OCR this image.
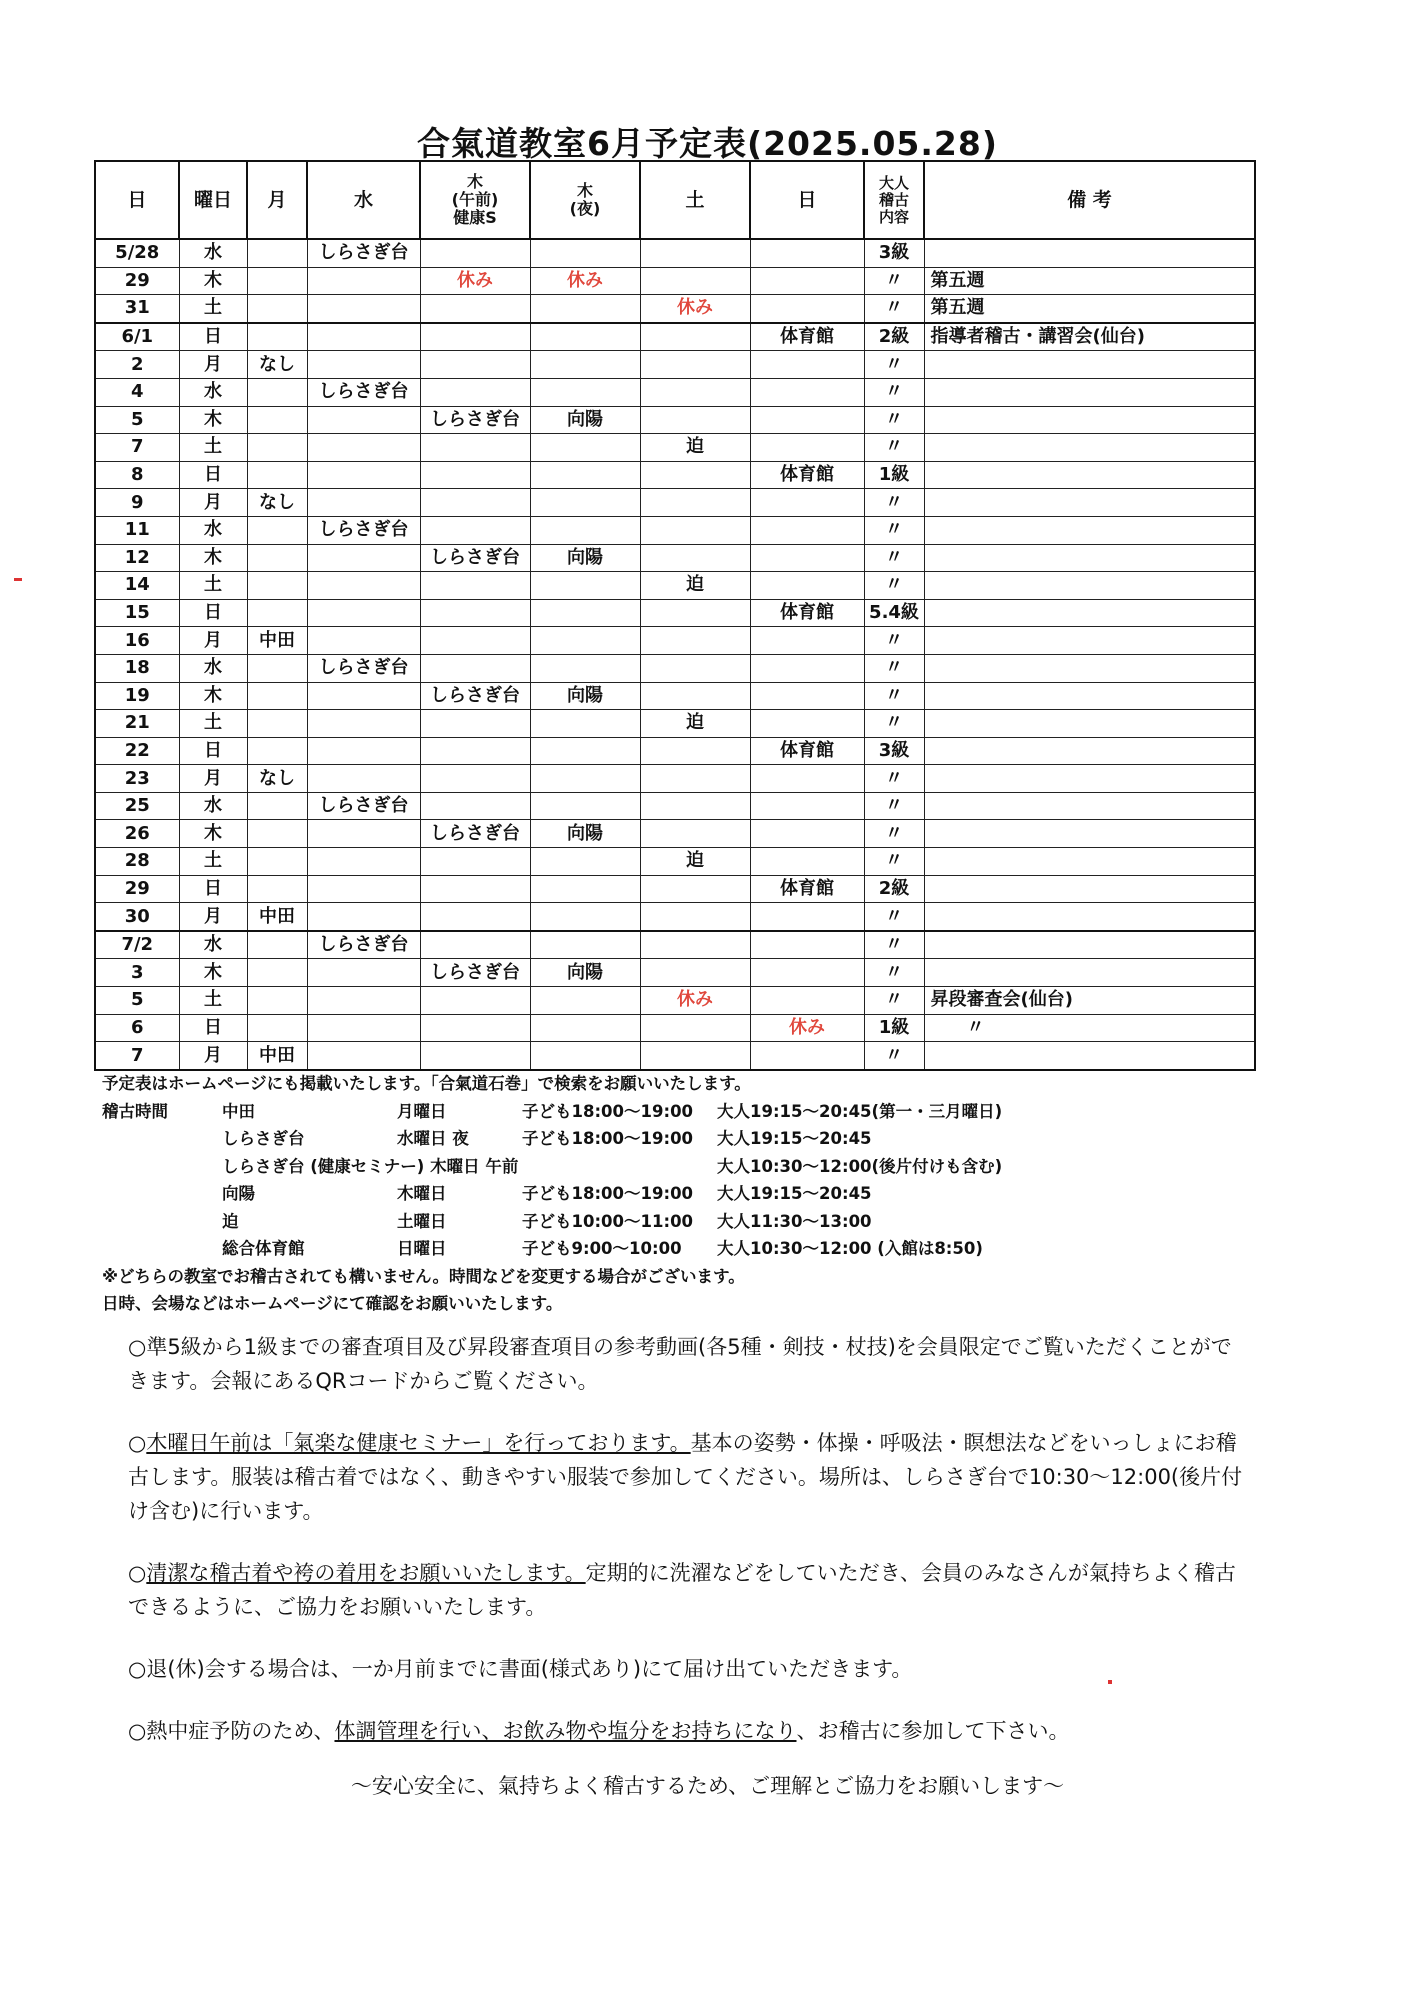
合氣道教室6月予定表(2025.05.28)
日	曜日	月	水	木
(午前)
健康S	木
(夜)	土	日	大人
稽古
内容	備 考
5/28	水		しらさぎ台					3級	
29	木			休み	休み			〃	第五週
31	土					休み		〃	第五週
6/1	日						体育館	2級	指導者稽古・講習会(仙台)
2	月	なし						〃	
4	水		しらさぎ台					〃	
5	木			しらさぎ台	向陽			〃	
7	土					迫		〃	
8	日						体育館	1級	
9	月	なし						〃	
11	水		しらさぎ台					〃	
12	木			しらさぎ台	向陽			〃	
14	土					迫		〃	
15	日						体育館	5.4級	
16	月	中田						〃	
18	水		しらさぎ台					〃	
19	木			しらさぎ台	向陽			〃	
21	土					迫		〃	
22	日						体育館	3級	
23	月	なし						〃	
25	水		しらさぎ台					〃	
26	木			しらさぎ台	向陽			〃	
28	土					迫		〃	
29	日						体育館	2級	
30	月	中田						〃	
7/2	水		しらさぎ台					〃	
3	木			しらさぎ台	向陽			〃	
5	土					休み		〃	昇段審査会(仙台)
6	日						休み	1級	　　〃
7	月	中田						〃	
予定表はホームページにも掲載いたします。「合氣道石巻」で検索をお願いいたします。
稽古時間	中田	月曜日	子ども18:00～19:00	大人19:15～20:45(第一・三月曜日)
しらさぎ台	水曜日 夜	子ども18:00～19:00	大人19:15～20:45
しらさぎ台 (健康セミナー) 木曜日 午前	大人10:30～12:00(後片付けも含む)
向陽	木曜日	子ども18:00～19:00	大人19:15～20:45
迫	土曜日	子ども10:00～11:00	大人11:30～13:00
総合体育館	日曜日	子ども9:00～10:00	大人10:30～12:00 (入館は8:50)
※どちらの教室でお稽古されても構いません。時間などを変更する場合がございます。
日時、会場などはホームページにて確認をお願いいたします。

○準5級から1級までの審査項目及び昇段審査項目の参考動画(各5種・剣技・杖技)を会員限定でご覧いただくことができます。会報にあるQRコードからご覧ください。

○木曜日午前は「氣楽な健康セミナー」を行っております。基本の姿勢・体操・呼吸法・瞑想法などをいっしょにお稽古します。服装は稽古着ではなく、動きやすい服装で参加してください。場所は、しらさぎ台で10:30～12:00(後片付け含む)に行います。

○清潔な稽古着や袴の着用をお願いいたします。定期的に洗濯などをしていただき、会員のみなさんが氣持ちよく稽古できるように、ご協力をお願いいたします。

○退(休)会する場合は、一か月前までに書面(様式あり)にて届け出ていただきます。

○熱中症予防のため、体調管理を行い、お飲み物や塩分をお持ちになり、お稽古に参加して下さい。

～安心安全に、氣持ちよく稽古するため、ご理解とご協力をお願いします～
